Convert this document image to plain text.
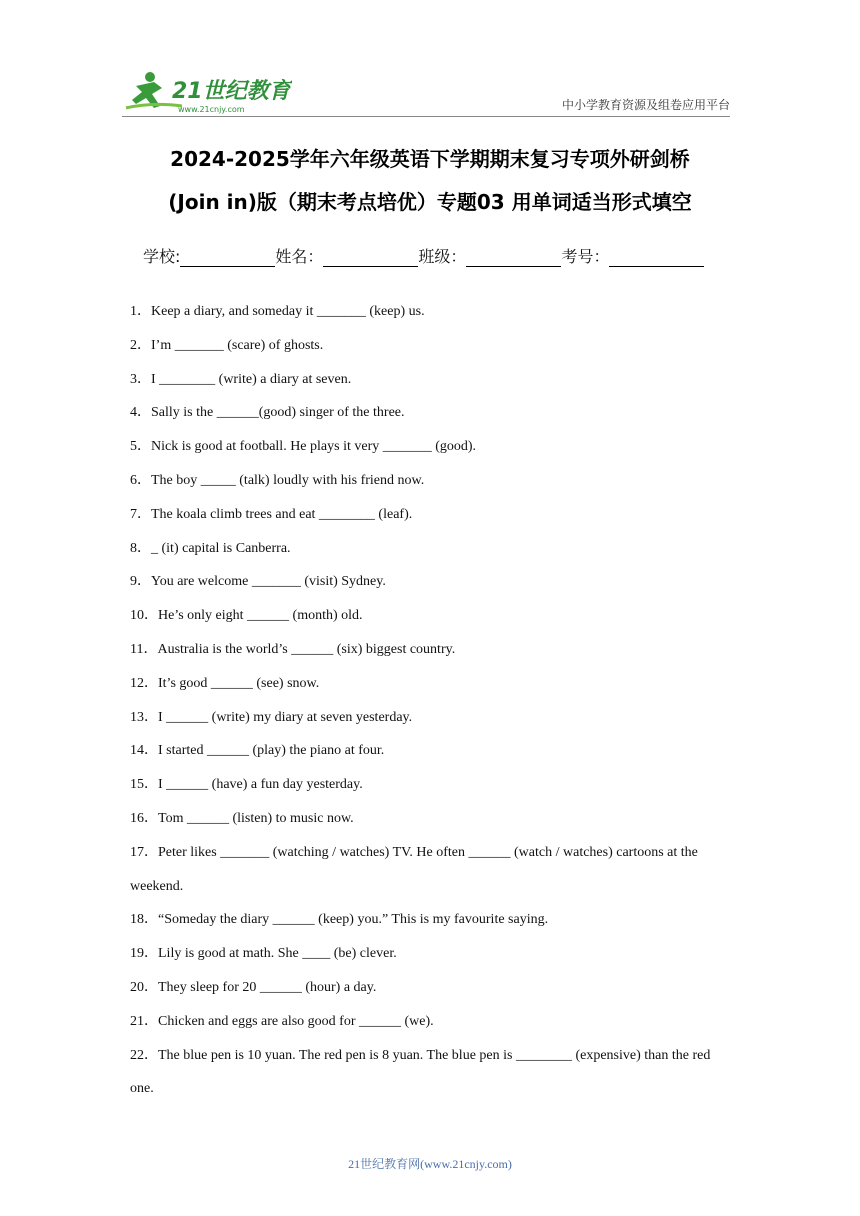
21世纪教育
www.21cnjy.com	中小学教育资源及组卷应用平台
2024-2025学年六年级英语下学期期末复习专项外研剑桥
(Join in)版（期末考点培优）专题03 用单词适当形式填空
学校:	姓名：	班级：	考号：

1．Keep a diary, and someday it _______ (keep) us.

2．I’m _______ (scare) of ghosts.

3．I ________ (write) a diary at seven.

4．Sally is the ______(good) singer of the three.

5．Nick is good at football. He plays it very _______ (good).

6．The boy _____ (talk) loudly with his friend now.

7．The koala climb trees and eat ________ (leaf).

8．_ (it) capital is Canberra.

9．You are welcome _______ (visit) Sydney.

10．He’s only eight ______ (month) old.

11．Australia is the world’s ______ (six) biggest country.

12．It’s good ______ (see) snow.

13．I ______ (write) my diary at seven yesterday.

14．I started ______ (play) the piano at four.

15．I ______ (have) a fun day yesterday.

16．Tom ______ (listen) to music now.

17．Peter likes _______ (watching / watches) TV. He often ______ (watch / watches) cartoons at the weekend.

18．“Someday the diary ______ (keep) you.” This is my favourite saying.

19．Lily is good at math. She ____ (be) clever.

20．They sleep for 20 ______ (hour) a day.

21．Chicken and eggs are also good for ______ (we).

22．The blue pen is 10 yuan. The red pen is 8 yuan. The blue pen is ________ (expensive) than the red one.

21世纪教育网(www.21cnjy.com)
